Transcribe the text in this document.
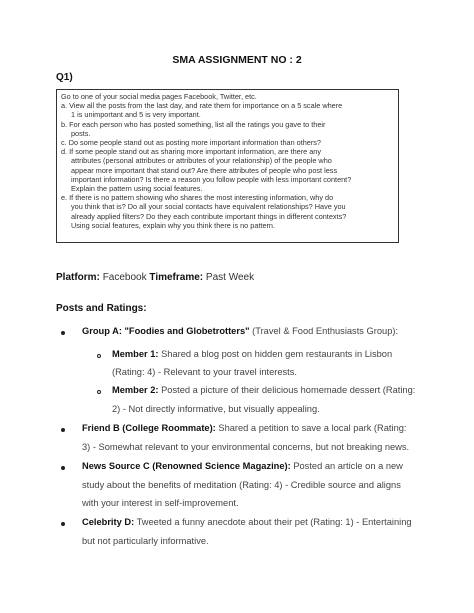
SMA ASSIGNMENT NO : 2
Q1)
Go to one of your social media pages Facebook, Twitter, etc.
a. View all the posts from the last day, and rate them for importance on a 5 scale where
1 is unimportant and 5 is very important.
b. For each person who has posted something, list all the ratings you gave to their
posts.
c. Do some people stand out as posting more important information than others?
d. If some people stand out as sharing more important information, are there any
attributes (personal attributes or attributes of your relationship) of the people who
appear more important that stand out? Are there attributes of people who post less
important information? Is there a reason you follow people with less important content?
Explain the pattern using social features.
e. If there is no pattern showing who shares the most interesting information, why do
you think that is? Do all your social contacts have equivalent relationships? Have you
already applied filters? Do they each contribute important things in different contexts?
Using social features, explain why you think there is no pattern.
Platform: Facebook Timeframe: Past Week
Posts and Ratings:
Group A: "Foodies and Globetrotters" (Travel & Food Enthusiasts Group):
Member 1: Shared a blog post on hidden gem restaurants in Lisbon
(Rating: 4) - Relevant to your travel interests.
Member 2: Posted a picture of their delicious homemade dessert (Rating:
2) - Not directly informative, but visually appealing.
Friend B (College Roommate): Shared a petition to save a local park (Rating:
3) - Somewhat relevant to your environmental concerns, but not breaking news.
News Source C (Renowned Science Magazine): Posted an article on a new
study about the benefits of meditation (Rating: 4) - Credible source and aligns
with your interest in self-improvement.
Celebrity D: Tweeted a funny anecdote about their pet (Rating: 1) - Entertaining
but not particularly informative.
